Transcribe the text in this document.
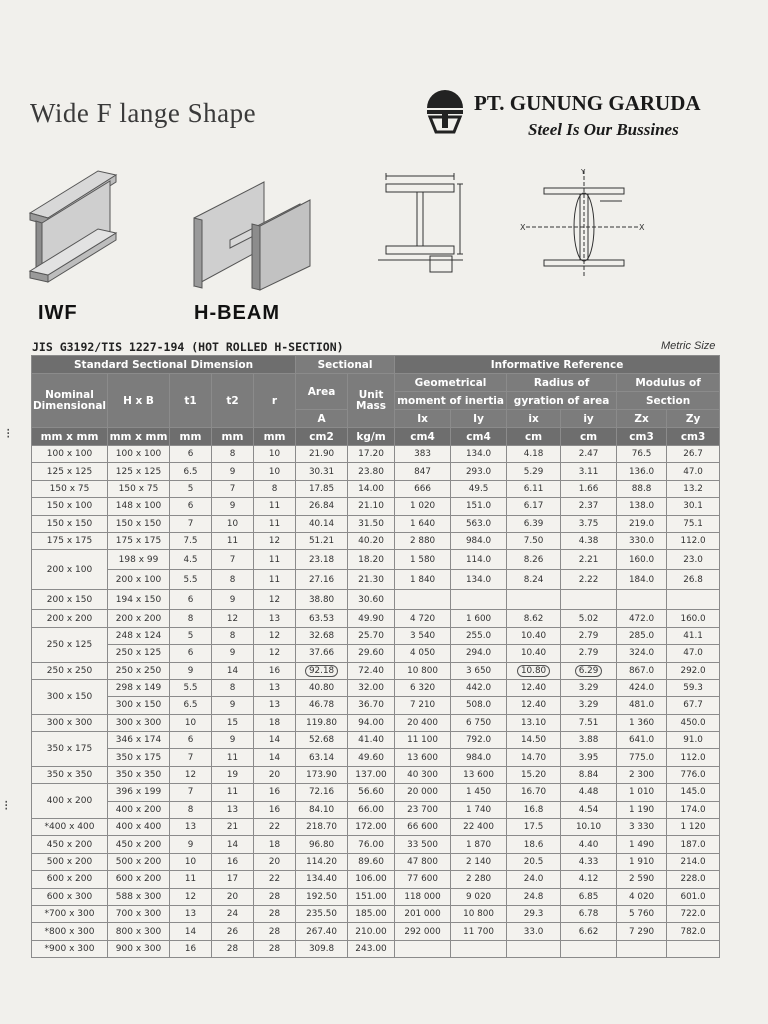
Wide F lange Shape	PT. GUNUNG GARUDA
Steel Is Our Bussines
IWF	H-BEAM
X	X
Y
JIS G3192/TIS 1227-194 (HOT ROLLED H-SECTION)	Metric Size
Standard Sectional Dimension					Sectional		Informative Reference					
Nominal Dimensional	H x B	t1	t2	r	Area	Unit Mass	Geometrical		Radius of		Modulus of	
							moment of inertia		gyration of area		Section	
					A		Ix	Iy	ix	iy	Zx	Zy
mm x mm	mm x mm	mm	mm	mm	cm2	kg/m	cm4	cm4	cm	cm	cm3	cm3
100 x 100	100 x 100	6	8	10	21.90	17.20	383	134.0	4.18	2.47	76.5	26.7
125 x 125	125 x 125	6.5	9	10	30.31	23.80	847	293.0	5.29	3.11	136.0	47.0
150 x 75	150 x 75	5	7	8	17.85	14.00	666	49.5	6.11	1.66	88.8	13.2
150 x 100	148 x 100	6	9	11	26.84	21.10	1 020	151.0	6.17	2.37	138.0	30.1
150 x 150	150 x 150	7	10	11	40.14	31.50	1 640	563.0	6.39	3.75	219.0	75.1
175 x 175	175 x 175	7.5	11	12	51.21	40.20	2 880	984.0	7.50	4.38	330.0	112.0
200 x 100	198 x 99	4.5	7	11	23.18	18.20	1 580	114.0	8.26	2.21	160.0	23.0
	200 x 100	5.5	8	11	27.16	21.30	1 840	134.0	8.24	2.22	184.0	26.8
200 x 150	194 x 150	6	9	12	38.80	30.60						
200 x 200	200 x 200	8	12	13	63.53	49.90	4 720	1 600	8.62	5.02	472.0	160.0
250 x 125	248 x 124	5	8	12	32.68	25.70	3 540	255.0	10.40	2.79	285.0	41.1
	250 x 125	6	9	12	37.66	29.60	4 050	294.0	10.40	2.79	324.0	47.0
250 x 250	250 x 250	9	14	16	92.18	72.40	10 800	3 650	10.80	6.29	867.0	292.0
300 x 150	298 x 149	5.5	8	13	40.80	32.00	6 320	442.0	12.40	3.29	424.0	59.3
	300 x 150	6.5	9	13	46.78	36.70	7 210	508.0	12.40	3.29	481.0	67.7
300 x 300	300 x 300	10	15	18	119.80	94.00	20 400	6 750	13.10	7.51	1 360	450.0
350 x 175	346 x 174	6	9	14	52.68	41.40	11 100	792.0	14.50	3.88	641.0	91.0
	350 x 175	7	11	14	63.14	49.60	13 600	984.0	14.70	3.95	775.0	112.0
350 x 350	350 x 350	12	19	20	173.90	137.00	40 300	13 600	15.20	8.84	2 300	776.0
400 x 200	396 x 199	7	11	16	72.16	56.60	20 000	1 450	16.70	4.48	1 010	145.0
	400 x 200	8	13	16	84.10	66.00	23 700	1 740	16.8	4.54	1 190	174.0
*400 x 400	400 x 400	13	21	22	218.70	172.00	66 600	22 400	17.5	10.10	3 330	1 120
450 x 200	450 x 200	9	14	18	96.80	76.00	33 500	1 870	18.6	4.40	1 490	187.0
500 x 200	500 x 200	10	16	20	114.20	89.60	47 800	2 140	20.5	4.33	1 910	214.0
600 x 200	600 x 200	11	17	22	134.40	106.00	77 600	2 280	24.0	4.12	2 590	228.0
600 x 300	588 x 300	12	20	28	192.50	151.00	118 000	9 020	24.8	6.85	4 020	601.0
*700 x 300	700 x 300	13	24	28	235.50	185.00	201 000	10 800	29.3	6.78	5 760	722.0
*800 x 300	800 x 300	14	26	28	267.40	210.00	292 000	11 700	33.0	6.62	7 290	782.0
*900 x 300	900 x 300	16	28	28	309.8	243.00						
⁝
⁝
